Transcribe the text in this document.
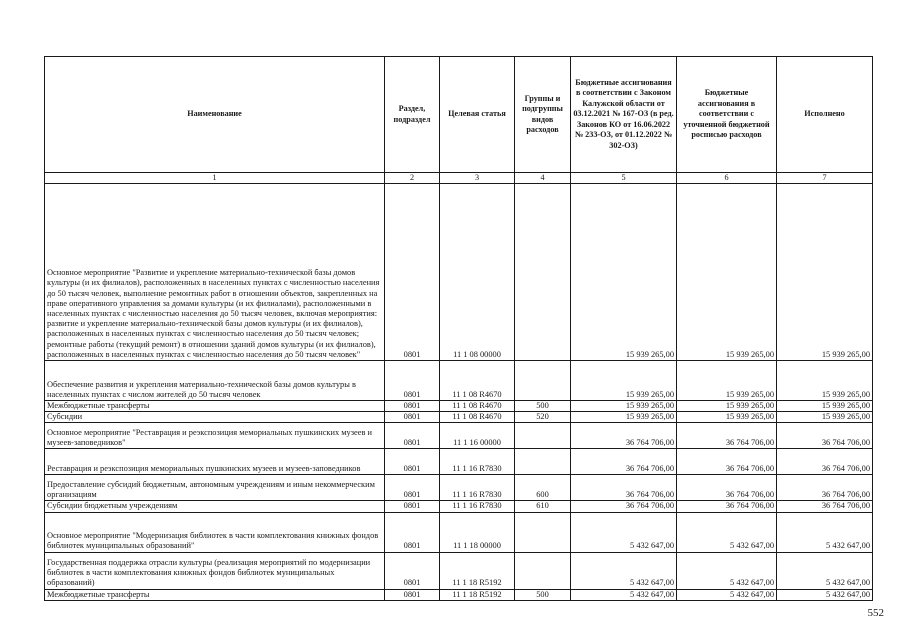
Наименование	Раздел, подраздел	Целевая статья	Группы и подгруппы видов расходов	Бюджетные ассигнования в соответствии с Законом Калужской области от 03.12.2021 № 167-ОЗ (в ред. Законов КО от 16.06.2022 № 233-ОЗ, от 01.12.2022 № 302-ОЗ)	Бюджетные ассигнования в соответствии с уточненной бюджетной росписью расходов	Исполнено
1	2	3	4	5	6	7
Основное мероприятие "Развитие и укрепление материально-технической базы домов культуры (и их филиалов), расположенных в населенных пунктах с численностью населения до 50 тысяч человек, выполнение ремонтных работ в отношении объектов, закрепленных на праве оперативного управления за домами культуры (и их филиалами), расположенными в населенных пунктах с численностью населения до 50 тысяч человек, включая мероприятия: развитие и укрепление материально-технической базы домов культуры (и их филиалов), расположенных в населенных пунктах с численностью населения до 50 тысяч человек; ремонтные работы (текущий ремонт) в отношении зданий домов культуры (и их филиалов), расположенных в населенных пунктах с численностью населения до 50 тысяч человек"	0801	11 1 08 00000		15 939 265,00	15 939 265,00	15 939 265,00
Обеспечение развития и укрепления материально-технической базы домов культуры в населенных пунктах с числом жителей до 50 тысяч человек	0801	11 1 08 R4670		15 939 265,00	15 939 265,00	15 939 265,00
Межбюджетные трансферты	0801	11 1 08 R4670	500	15 939 265,00	15 939 265,00	15 939 265,00
Субсидии	0801	11 1 08 R4670	520	15 939 265,00	15 939 265,00	15 939 265,00
Основное мероприятие "Реставрация и реэкспозиция мемориальных пушкинских музеев и музеев-заповедников"	0801	11 1 16 00000		36 764 706,00	36 764 706,00	36 764 706,00
Реставрация и реэкспозиция мемориальных пушкинских музеев и музеев-заповедников	0801	11 1 16 R7830		36 764 706,00	36 764 706,00	36 764 706,00
Предоставление субсидий бюджетным, автономным учреждениям и иным некоммерческим организациям	0801	11 1 16 R7830	600	36 764 706,00	36 764 706,00	36 764 706,00
Субсидии бюджетным учреждениям	0801	11 1 16 R7830	610	36 764 706,00	36 764 706,00	36 764 706,00
Основное мероприятие "Модернизация библиотек в части комплектования книжных фондов библиотек муниципальных образований"	0801	11 1 18 00000		5 432 647,00	5 432 647,00	5 432 647,00
Государственная поддержка отрасли культуры (реализация мероприятий по модернизации библиотек в части комплектования книжных фондов библиотек муниципальных образований)	0801	11 1 18 R5192		5 432 647,00	5 432 647,00	5 432 647,00
Межбюджетные трансферты	0801	11 1 18 R5192	500	5 432 647,00	5 432 647,00	5 432 647,00
552
